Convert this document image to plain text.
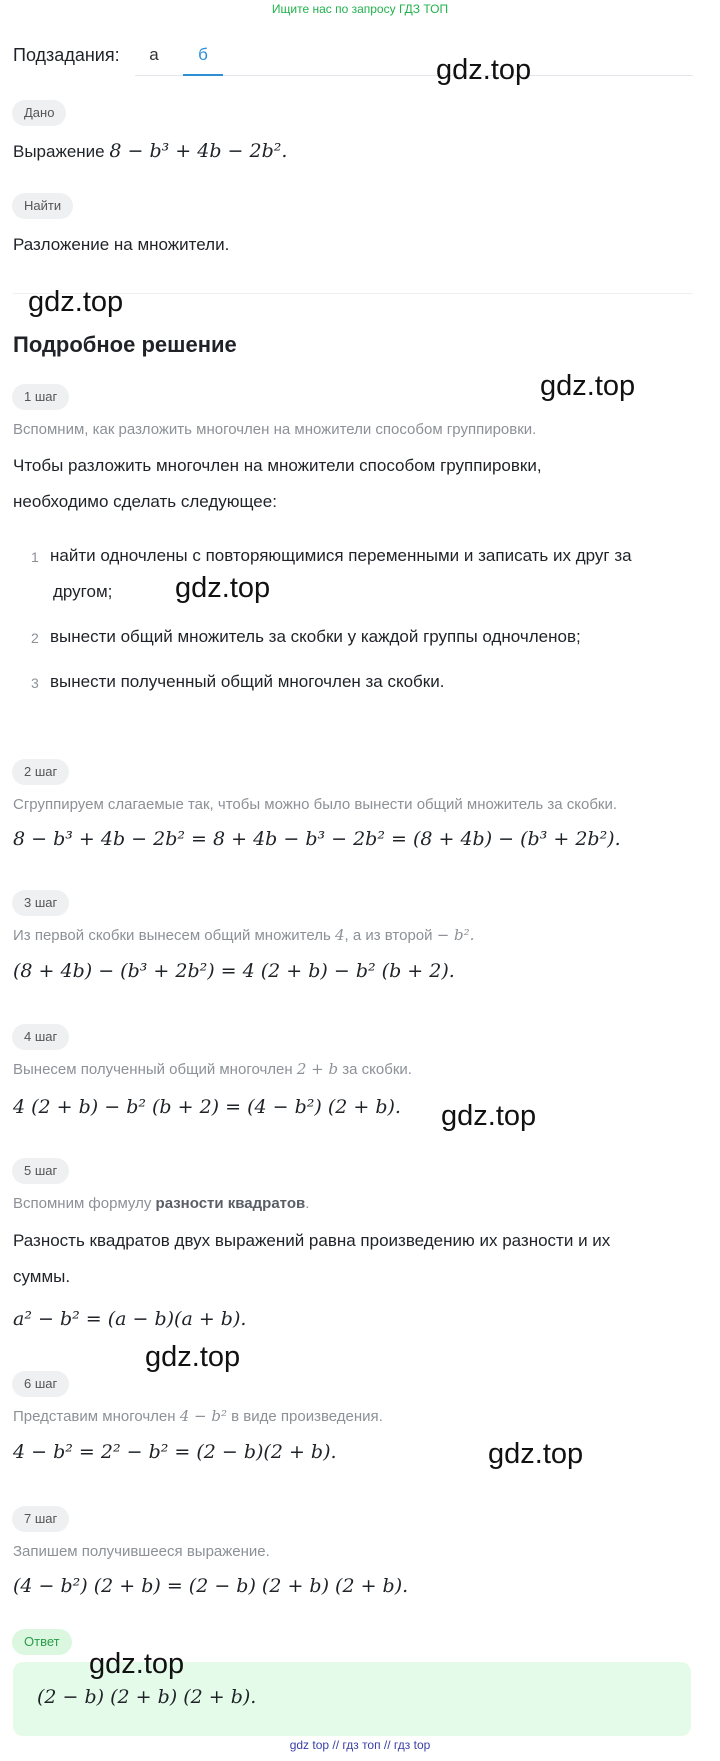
Ищите нас по запросу ГДЗ ТОП
Подзадания:	а	б
Дано
Выражение 8 − b³ + 4b − 2b².
Найти
Разложение на множители.
Подробное решение
1 шаг
Вспомним, как разложить многочлен на множители способом группировки.
Чтобы разложить многочлен на множители способом группировки,
необходимо сделать следующее:
1 найти одночлены с повторяющимися переменными и записать их друг за
другом;
2 вынести общий множитель за скобки у каждой группы одночленов;
3 вынести полученный общий многочлен за скобки.
2 шаг
Сгруппируем слагаемые так, чтобы можно было вынести общий множитель за скобки.
8 − b³ + 4b − 2b² = 8 + 4b − b³ − 2b² = (8 + 4b) − (b³ + 2b²).
3 шаг
Из первой скобки вынесем общий множитель 4, а из второй − b².
(8 + 4b) − (b³ + 2b²) = 4 (2 + b) − b² (b + 2).
4 шаг
Вынесем полученный общий многочлен 2 + b за скобки.
4 (2 + b) − b² (b + 2) = (4 − b²) (2 + b).
5 шаг
Вспомним формулу разности квадратов.
Разность квадратов двух выражений равна произведению их разности и их
суммы.
a² − b² = (a − b)(a + b).
6 шаг
Представим многочлен 4 − b² в виде произведения.
4 − b² = 2² − b² = (2 − b)(2 + b).
7 шаг
Запишем получившееся выражение.
(4 − b²) (2 + b) = (2 − b) (2 + b) (2 + b).
Ответ
(2 − b) (2 + b) (2 + b).
gdz.top
gdz.top
gdz.top
gdz.top
gdz.top
gdz.top
gdz.top
gdz.top
gdz top // гдз топ // гдз top
